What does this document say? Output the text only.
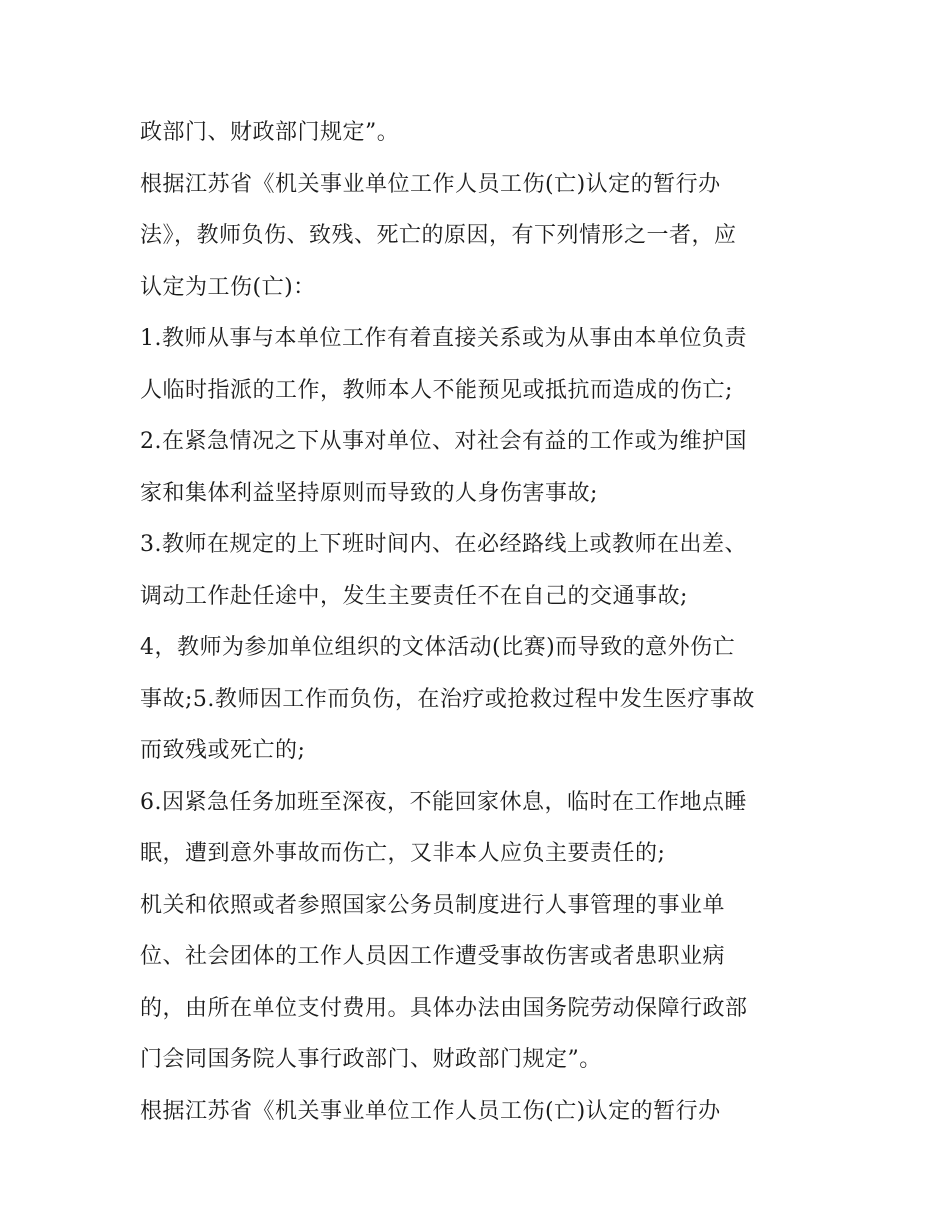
政部门、财政部门规定”。
根据江苏省《机关事业单位工作人员工伤(亡)认定的暂行办
法》，教师负伤、致残、死亡的原因，有下列情形之一者，应
认定为工伤(亡)：
1.教师从事与本单位工作有着直接关系或为从事由本单位负责
人临时指派的工作，教师本人不能预见或抵抗而造成的伤亡;
2.在紧急情况之下从事对单位、对社会有益的工作或为维护国
家和集体利益坚持原则而导致的人身伤害事故;
3.教师在规定的上下班时间内、在必经路线上或教师在出差、
调动工作赴任途中，发生主要责任不在自己的交通事故;
4，教师为参加单位组织的文体活动(比赛)而导致的意外伤亡
事故;5.教师因工作而负伤，在治疗或抢救过程中发生医疗事故
而致残或死亡的;
6.因紧急任务加班至深夜，不能回家休息，临时在工作地点睡
眠，遭到意外事故而伤亡，又非本人应负主要责任的;
机关和依照或者参照国家公务员制度进行人事管理的事业单
位、社会团体的工作人员因工作遭受事故伤害或者患职业病
的，由所在单位支付费用。具体办法由国务院劳动保障行政部
门会同国务院人事行政部门、财政部门规定”。
根据江苏省《机关事业单位工作人员工伤(亡)认定的暂行办
